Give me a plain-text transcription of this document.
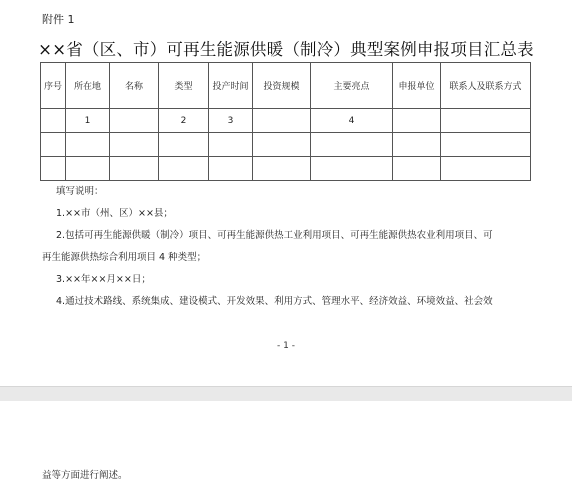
附件 1
××省（区、市）可再生能源供暖（制冷）典型案例申报项目汇总表
序号	所在地	名称	类型	投产时间	投资规模	主要亮点	申报单位	联系人及联系方式
	1		2	3		4		

填写说明：
1.××市（州、区）××县；
2.包括可再生能源供暖（制冷）项目、可再生能源供热工业利用项目、可再生能源供热农业利用项目、可
再生能源供热综合利用项目 4 种类型；
3.××年××月××日；
4.通过技术路线、系统集成、建设模式、开发效果、利用方式、管理水平、经济效益、环境效益、社会效
- 1 -
益等方面进行阐述。
